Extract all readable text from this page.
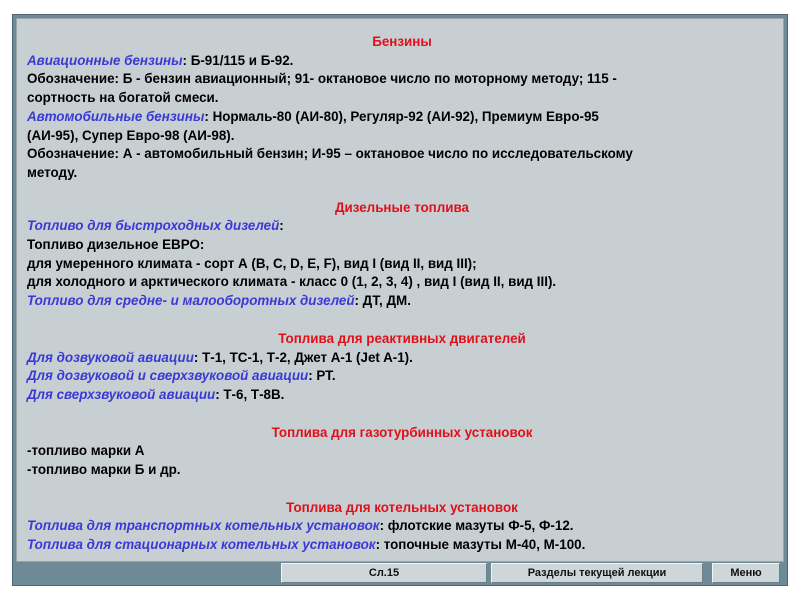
Бензины
Авиационные бензины: Б-91/115 и Б-92.
Обозначение: Б - бензин авиационный; 91- октановое число по моторному методу; 115 -
сортность на богатой смеси.
Автомобильные бензины: Нормаль-80 (АИ-80), Регуляр-92 (АИ-92), Премиум Евро-95
(АИ-95), Супер Евро-98 (АИ-98).
Обозначение: А - автомобильный бензин; И-95 – октановое число по исследовательскому
методу.
Дизельные топлива
Топливо для быстроходных дизелей:
Топливо дизельное ЕВРО:
для умеренного климата - сорт А (B, C, D, E, F), вид I (вид II, вид III);
для холодного и арктического климата - класс 0 (1, 2, 3, 4) , вид I (вид II, вид III).
Топливо для средне- и малооборотных дизелей: ДТ, ДМ.
Топлива для реактивных двигателей
Для дозвуковой авиации: Т-1, ТС-1, Т-2, Джет А-1 (Jet A-1).
Для дозвуковой и сверхзвуковой авиации: РТ.
Для сверхзвуковой авиации: Т-6, Т-8В.
Топлива для газотурбинных установок
-топливо марки А
-топливо марки Б и др.
Топлива для котельных установок
Топлива для транспортных котельных установок: флотские мазуты Ф-5, Ф-12.
Топлива для стационарных котельных установок: топочные мазуты М-40, М-100.
Сл.15	Разделы текущей лекции	Меню
